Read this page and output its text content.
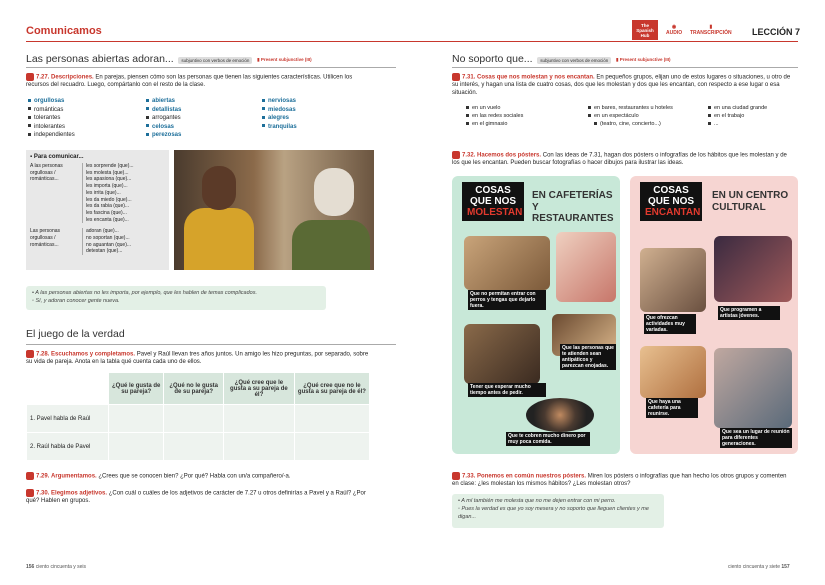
Comunicamos	The Spanish Hub
◉
AUDIO
▮
TRANSCRIPCIÓN LECCIÓN 7
Las personas abiertas adoran... subjuntivo con verbos de emoción ▮ Present subjunctive (III)
7.27. Descripciones. En parejas, piensen cómo son las personas que tienen las siguientes características. Utilicen los recursos del recuadro. Luego, compártanlo con el resto de la clase.
orgullosas
románticas
tolerantes
intolerantes
independientes
abiertas
detallistas
arrogantes
celosas
perezosas
nerviosas
miedosas
alegres
tranquilas
▪ Para comunicar...
A las personas orgullosas / románticas...
les sorprende (que)...
les molesta (que)...
les apasiona (que)...
les importa (que)...
les irrita (que)...
les da miedo (que)...
les da rabia (que)...
les fascina (que)...
les encanta (que)...
Las personas orgullosas / románticas...
adoran (que)...
no soportan (que)...
no aguantan (que)...
detestan (que)...
• A las personas abiertas no les importa, por ejemplo, que les hablen de temas complicados.
◦ Sí, y adoran conocer gente nueva.
El juego de la verdad
7.28. Escuchamos y completamos. Pavel y Raúl llevan tres años juntos. Un amigo les hizo preguntas, por separado, sobre su vida de pareja. Anota en la tabla qué cuenta cada uno de ellos.
	¿Qué le gusta de su pareja?	¿Qué no le gusta de su pareja?	¿Qué cree que le gusta a su pareja de él?	¿Qué cree que no le gusta a su pareja de él?
1. Pavel habla de Raúl				
2. Raúl habla de Pavel				
7.29. Argumentamos. ¿Crees que se conocen bien? ¿Por qué? Habla con un/a compañero/-a.
7.30. Elegimos adjetivos. ¿Con cuál o cuáles de los adjetivos de carácter de 7.27 u otros definirías a Pavel y a Raúl? ¿Por qué? Hablen en grupos.
156 ciento cincuenta y seis
No soporto que... subjuntivo con verbos de emoción ▮ Present subjunctive (III)
7.31. Cosas que nos molestan y nos encantan. En pequeños grupos, elijan uno de estos lugares o situaciones, u otro de su interés, y hagan una lista de cuatro cosas, dos que les molestan y dos que les encantan, con respecto a ese lugar o esa situación.
en un vuelo
en las redes sociales
en el gimnasio
en bares, restaurantes u hoteles
en un espectáculo
(teatro, cine, concierto...)
en una ciudad grande
en el trabajo
...
7.32. Hacemos dos pósters. Con las ideas de 7.31, hagan dos pósters o infografías de los hábitos que les molestan y de los que les encantan. Pueden buscar fotografías o hacer dibujos para ilustrar las ideas.
COSAS
QUE NOS
MOLESTAN
EN CAFETERÍAS
Y RESTAURANTES
Que no permitan entrar con perros y tengas que dejarlo fuera.
Que las personas que te atienden sean antipáticos y parezcan enojadas.
Tener que esperar mucho tiempo antes de pedir.
Que te cobren mucho dinero por muy poca comida.
COSAS
QUE NOS
ENCANTAN
EN UN CENTRO
CULTURAL
Que programen a artistas jóvenes.
Que ofrezcan actividades muy variadas.
Que haya una cafetería para reunirse.
Que sea un lugar de reunión para diferentes generaciones.
7.33. Ponemos en común nuestros pósters. Miren los pósters o infografías que han hecho los otros grupos y comenten en clase: ¿les molestan los mismos hábitos? ¿Les molestan otros?
• A mí también me molesta que no me dejen entrar con mi perro.
◦ Pues la verdad es que yo soy mesera y no soporto que lleguen clientes y me digan...
ciento cincuenta y siete 157
